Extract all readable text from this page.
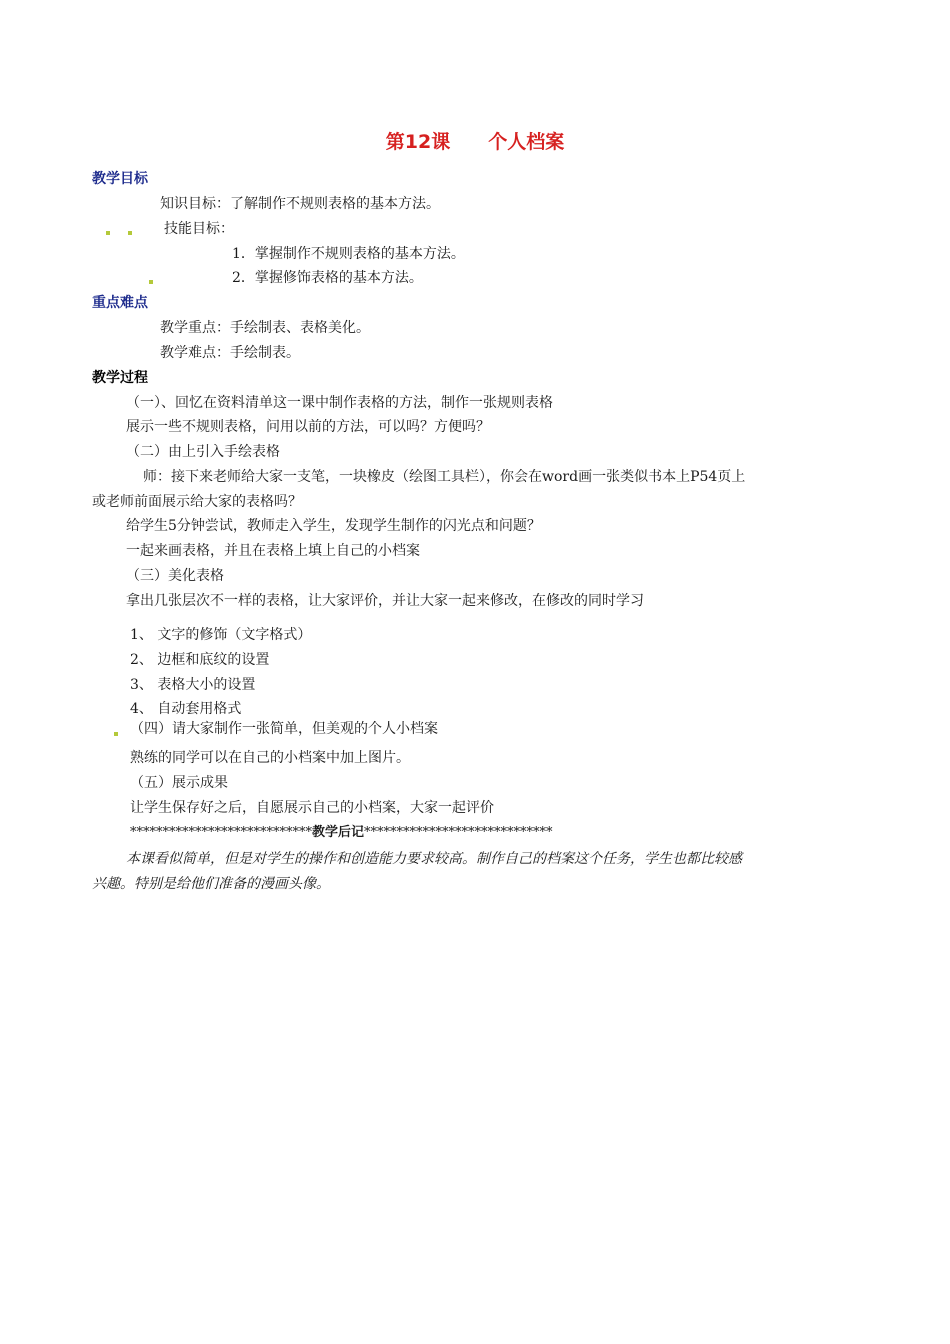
第12课 个人档案
教学目标
知识目标：了解制作不规则表格的基本方法。
技能目标：
1．掌握制作不规则表格的基本方法。
2．掌握修饰表格的基本方法。
重点难点
教学重点：手绘制表、表格美化。
教学难点：手绘制表。
教学过程
（一）、回忆在资料清单这一课中制作表格的方法，制作一张规则表格
展示一些不规则表格，问用以前的方法，可以吗？方便吗？
（二）由上引入手绘表格
师：接下来老师给大家一支笔，一块橡皮（绘图工具栏），你会在word画一张类似书本上P54页上
或老师前面展示给大家的表格吗？
给学生5分钟尝试，教师走入学生，发现学生制作的闪光点和问题？
一起来画表格，并且在表格上填上自己的小档案
（三）美化表格
拿出几张层次不一样的表格，让大家评价，并让大家一起来修改，在修改的同时学习
1、 文字的修饰（文字格式）
2、 边框和底纹的设置
3、 表格大小的设置
4、 自动套用格式
（四）请大家制作一张简单，但美观的个人小档案
熟练的同学可以在自己的小档案中加上图片。
（五）展示成果
让学生保存好之后，自愿展示自己的小档案，大家一起评价
****************************教学后记*****************************
本课看似简单，但是对学生的操作和创造能力要求较高。制作自己的档案这个任务，学生也都比较感
兴趣。特别是给他们准备的漫画头像。
